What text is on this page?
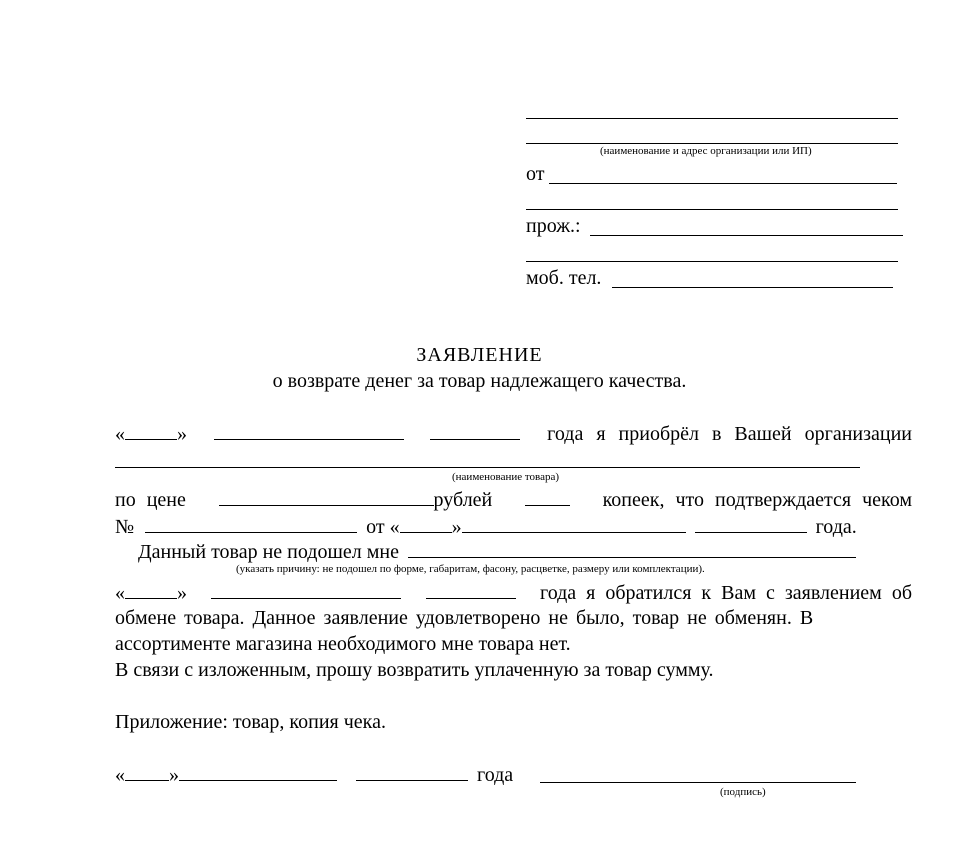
(наименование и адрес организации или ИП)
от
прож.:
моб. тел.
ЗАЯВЛЕНИЕ
о возврате денег за товар надлежащего качества.
«	»	года я приобрёл в Вашей организации
(наименование товара)
по цене	рублей	копеек, что подтверждается чеком
№	от «	»	года.
Данный товар не подошел мне
(указать причину: не подошел по форме, габаритам, фасону, расцветке, размеру или комплектации).
«	»	года я обратился к Вам с заявлением об
обмене товара. Данное заявление удовлетворено не было, товар не обменян. В
ассортименте магазина необходимого мне товара нет.
В связи с изложенным, прошу возвратить уплаченную за товар сумму.
Приложение: товар, копия чека.
« »	года
(подпись)
